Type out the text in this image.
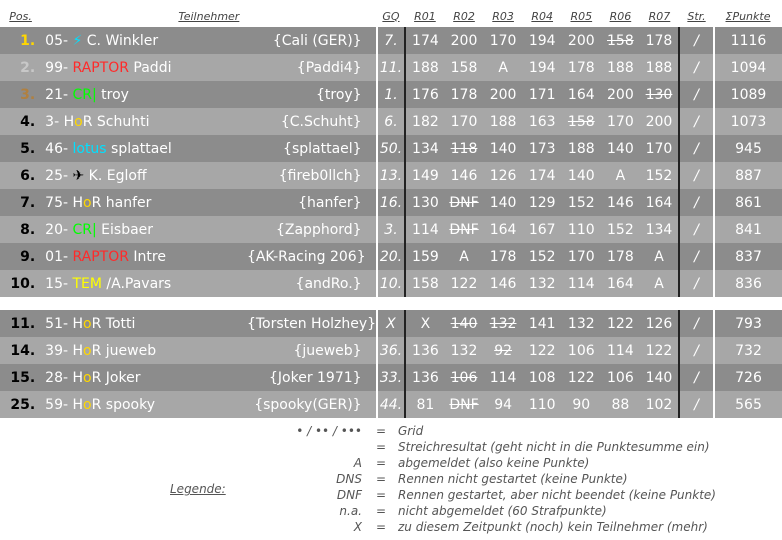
Pos.	Teilnehmer		GQ	R01	R02	R03	R04	R05	R06	R07	Str.	ΣPunkte
1.	05- ⚡ C. Winkler	{Cali (GER)}	7.	174	200	170	194	200	158	178	/	1116
2.	99- RAPTOR Paddi	{Paddi4}	11.	188	158	A	194	178	188	188	/	1094
3.	21- CR| troy	{troy}	1.	176	178	200	171	164	200	130	/	1089
4.	3- HoR Schuhti	{C.Schuht}	6.	182	170	188	163	158	170	200	/	1073
5.	46- lotus splattael	{splattael}	50.	134	118	140	173	188	140	170	/	945
6.	25- ✈ K. Egloff	{fireb0llch}	13.	149	146	126	174	140	A	152	/	887
7.	75- HoR hanfer	{hanfer}	16.	130	DNF	140	129	152	146	164	/	861
8.	20- CR| Eisbaer	{Zapphord}	3.	114	DNF	164	167	110	152	134	/	841
9.	01- RAPTOR Intre	{AK-Racing 206}	20.	159	A	178	152	170	178	A	/	837
10.	15- TEM /A.Pavars	{andRo.}	10.	158	122	146	132	114	164	A	/	836
11.	51- HoR Totti	{Torsten Holzhey}	X	X	140	132	141	132	122	126	/	793
14.	39- HoR jueweb	{jueweb}	36.	136	132	92	122	106	114	122	/	732
15.	28- HoR Joker	{Joker 1971}	33.	136	106	114	108	122	106	140	/	726
25.	59- HoR spooky	{spooky(GER)}	44.	81	DNF	94	110	90	88	102	/	565
Legende:
• / •• / ••• = Grid
= Streichresultat (geht nicht in die Punktesumme ein)
A = abgemeldet (also keine Punkte)
DNS = Rennen nicht gestartet (keine Punkte)
DNF = Rennen gestartet, aber nicht beendet (keine Punkte)
n.a. = nicht abgemeldet (60 Strafpunkte)
X = zu diesem Zeitpunkt (noch) kein Teilnehmer (mehr)
